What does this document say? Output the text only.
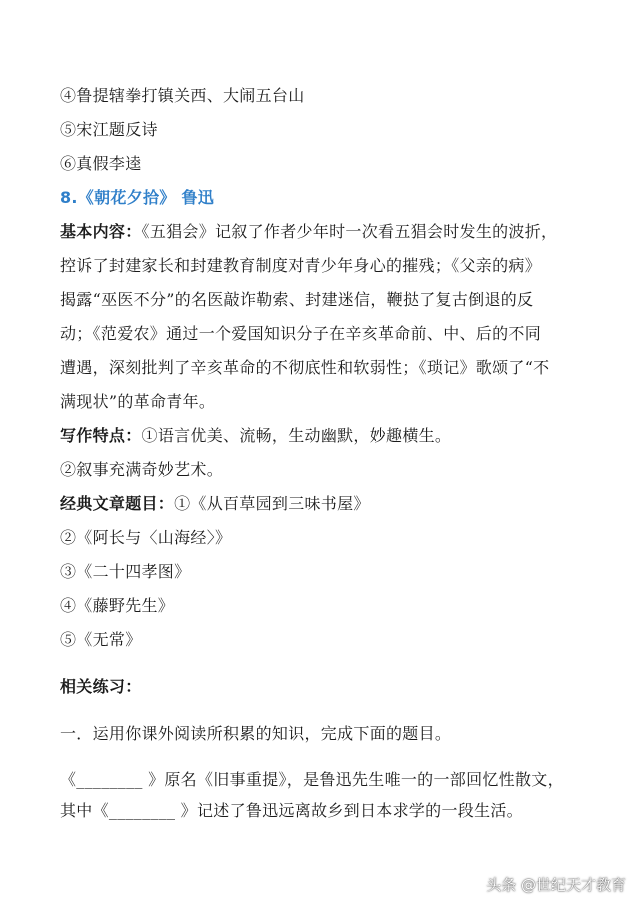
④鲁提辖拳打镇关西、大闹五台山
⑤宋江题反诗
⑥真假李逵
8.《朝花夕拾》 鲁迅
基本内容：《五猖会》记叙了作者少年时一次看五猖会时发生的波折，
控诉了封建家长和封建教育制度对青少年身心的摧残；《父亲的病》
揭露“巫医不分”的名医敲诈勒索、封建迷信，鞭挞了复古倒退的反
动；《范爱农》通过一个爱国知识分子在辛亥革命前、中、后的不同
遭遇，深刻批判了辛亥革命的不彻底性和软弱性；《琐记》歌颂了“不
满现状”的革命青年。
写作特点：①语言优美、流畅，生动幽默，妙趣横生。
②叙事充满奇妙艺术。
经典文章题目：①《从百草园到三味书屋》
②《阿长与〈山海经〉》
③《二十四孝图》
④《藤野先生》
⑤《无常》
相关练习：
一．运用你课外阅读所积累的知识，完成下面的题目。
《________ 》原名《旧事重提》，是鲁迅先生唯一的一部回忆性散文，
其中《________ 》记述了鲁迅远离故乡到日本求学的一段生活。
头条 @世纪天才教育
